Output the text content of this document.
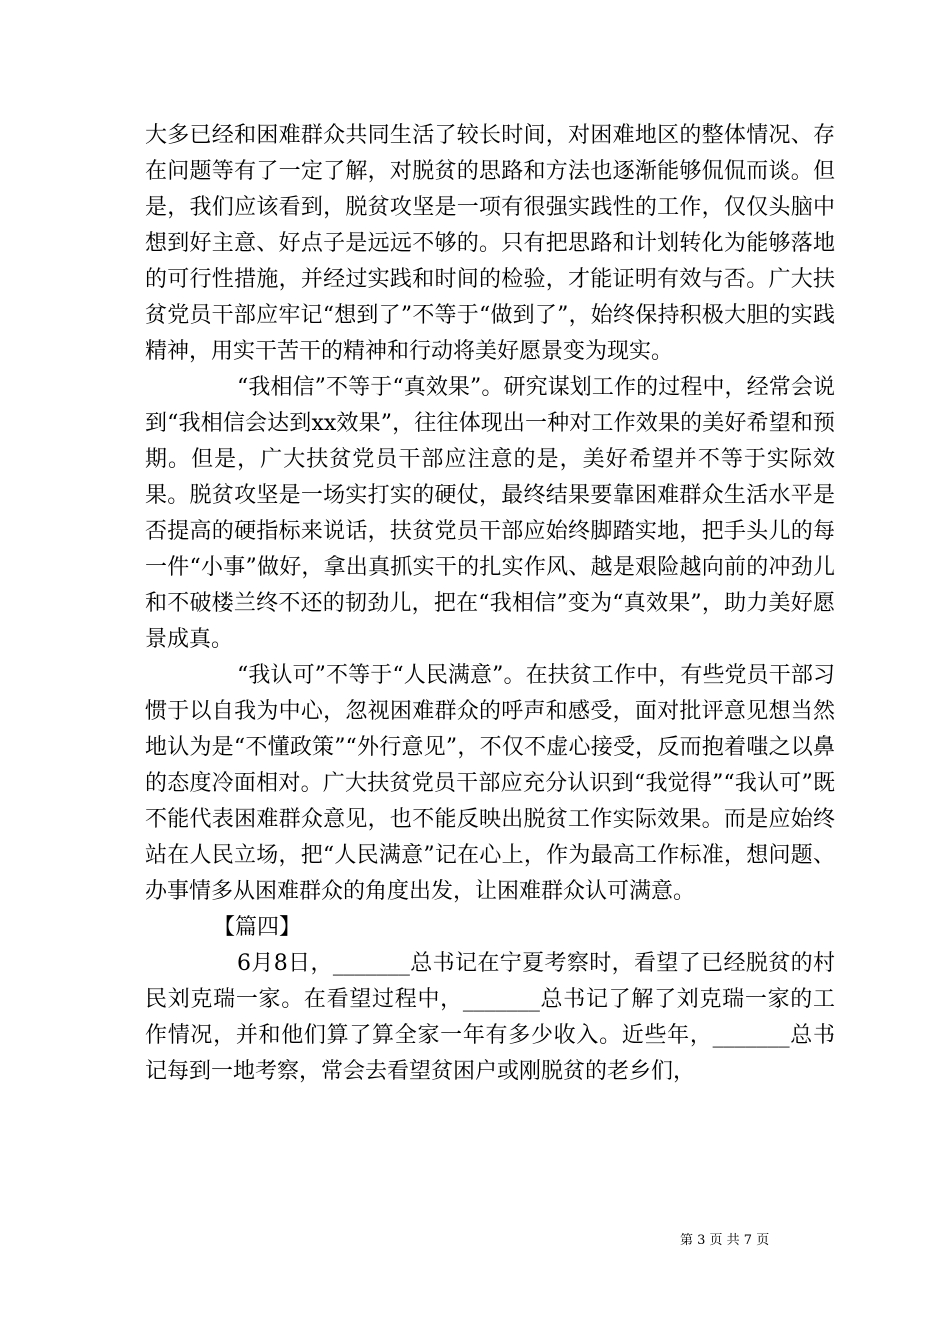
大多已经和困难群众共同生活了较长时间，对困难地区的整体情况、存在问题等有了一定了解，对脱贫的思路和方法也逐渐能够侃侃而谈。但是，我们应该看到，脱贫攻坚是一项有很强实践性的工作，仅仅头脑中想到好主意、好点子是远远不够的。只有把思路和计划转化为能够落地的可行性措施，并经过实践和时间的检验，才能证明有效与否。广大扶贫党员干部应牢记“想到了”不等于“做到了”，始终保持积极大胆的实践精神，用实干苦干的精神和行动将美好愿景变为现实。

“我相信”不等于“真效果”。研究谋划工作的过程中，经常会说到“我相信会达到xx效果”，往往体现出一种对工作效果的美好希望和预期。但是，广大扶贫党员干部应注意的是，美好希望并不等于实际效果。脱贫攻坚是一场实打实的硬仗，最终结果要靠困难群众生活水平是否提高的硬指标来说话，扶贫党员干部应始终脚踏实地，把手头儿的每一件“小事”做好，拿出真抓实干的扎实作风、越是艰险越向前的冲劲儿和不破楼兰终不还的韧劲儿，把在“我相信”变为“真效果”，助力美好愿景成真。

“我认可”不等于“人民满意”。在扶贫工作中，有些党员干部习惯于以自我为中心，忽视困难群众的呼声和感受，面对批评意见想当然地认为是“不懂政策”“外行意见”，不仅不虚心接受，反而抱着嗤之以鼻的态度冷面相对。广大扶贫党员干部应充分认识到“我觉得”“我认可”既不能代表困难群众意见，也不能反映出脱贫工作实际效果。而是应始终站在人民立场，把“人民满意”记在心上，作为最高工作标准，想问题、办事情多从困难群众的角度出发，让困难群众认可满意。

【篇四】

6月8日，_______总书记在宁夏考察时，看望了已经脱贫的村民刘克瑞一家。在看望过程中，_______总书记了解了刘克瑞一家的工作情况，并和他们算了算全家一年有多少收入。近些年，_______总书记每到一地考察，常会去看望贫困户或刚脱贫的老乡们，

第 3 页 共 7 页
